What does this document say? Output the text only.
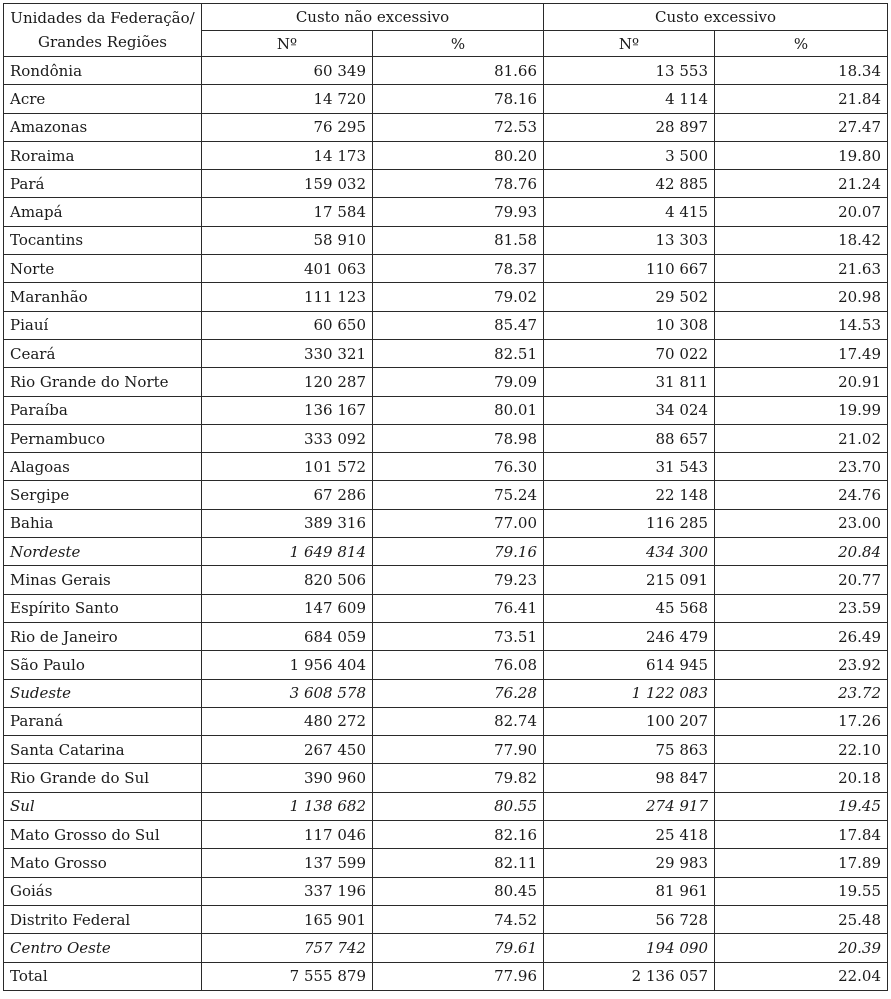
Unidades da Federação/
Grandes Regiões	Custo não excessivo		Custo excessivo	
	Nº	%	Nº	%
Rondônia	60 349	81.66	13 553	18.34
Acre	14 720	78.16	4 114	21.84
Amazonas	76 295	72.53	28 897	27.47
Roraima	14 173	80.20	3 500	19.80
Pará	159 032	78.76	42 885	21.24
Amapá	17 584	79.93	4 415	20.07
Tocantins	58 910	81.58	13 303	18.42
Norte	401 063	78.37	110 667	21.63
Maranhão	111 123	79.02	29 502	20.98
Piauí	60 650	85.47	10 308	14.53
Ceará	330 321	82.51	70 022	17.49
Rio Grande do Norte	120 287	79.09	31 811	20.91
Paraíba	136 167	80.01	34 024	19.99
Pernambuco	333 092	78.98	88 657	21.02
Alagoas	101 572	76.30	31 543	23.70
Sergipe	67 286	75.24	22 148	24.76
Bahia	389 316	77.00	116 285	23.00
Nordeste	1 649 814	79.16	434 300	20.84
Minas Gerais	820 506	79.23	215 091	20.77
Espírito Santo	147 609	76.41	45 568	23.59
Rio de Janeiro	684 059	73.51	246 479	26.49
São Paulo	1 956 404	76.08	614 945	23.92
Sudeste	3 608 578	76.28	1 122 083	23.72
Paraná	480 272	82.74	100 207	17.26
Santa Catarina	267 450	77.90	75 863	22.10
Rio Grande do Sul	390 960	79.82	98 847	20.18
Sul	1 138 682	80.55	274 917	19.45
Mato Grosso do Sul	117 046	82.16	25 418	17.84
Mato Grosso	137 599	82.11	29 983	17.89
Goiás	337 196	80.45	81 961	19.55
Distrito Federal	165 901	74.52	56 728	25.48
Centro Oeste	757 742	79.61	194 090	20.39
Total	7 555 879	77.96	2 136 057	22.04
